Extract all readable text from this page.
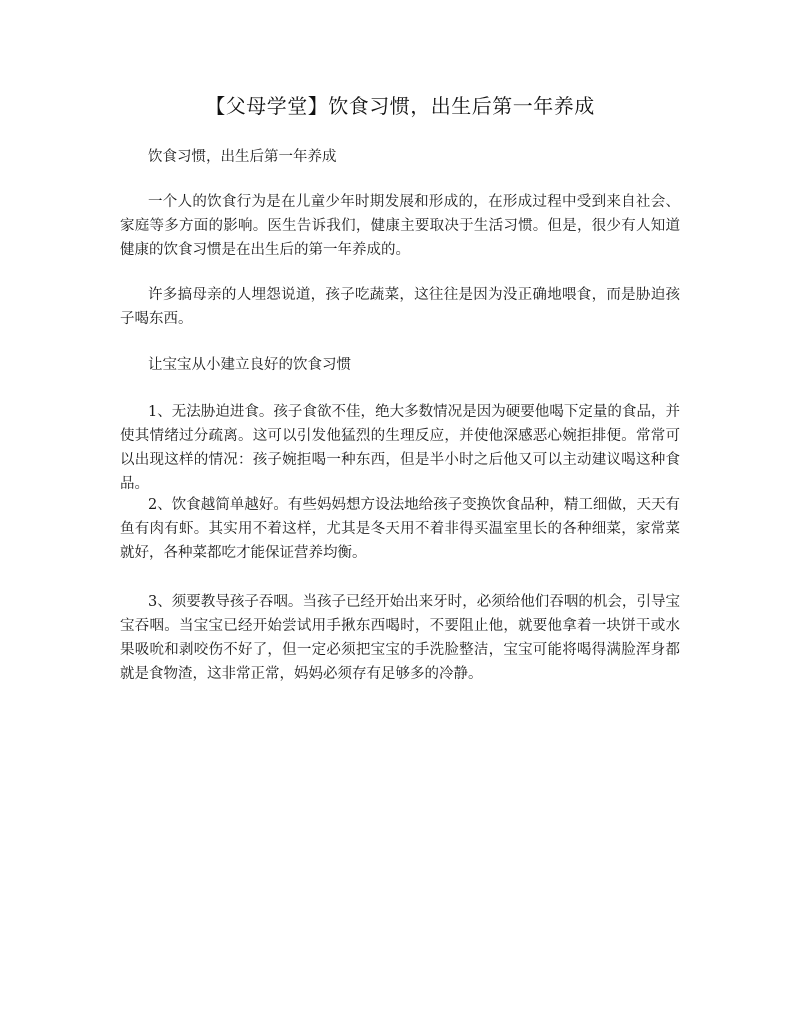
【父母学堂】饮食习惯，出生后第一年养成
饮食习惯，出生后第一年养成
一个人的饮食行为是在儿童少年时期发展和形成的，在形成过程中受到来自社会、家庭等多方面的影响。医生告诉我们，健康主要取决于生活习惯。但是，很少有人知道健康的饮食习惯是在出生后的第一年养成的。
许多搞母亲的人埋怨说道，孩子吃蔬菜，这往往是因为没正确地喂食，而是胁迫孩子喝东西。
让宝宝从小建立良好的饮食习惯
1、无法胁迫进食。孩子食欲不佳，绝大多数情况是因为硬要他喝下定量的食品，并使其情绪过分疏离。这可以引发他猛烈的生理反应，并使他深感恶心婉拒排便。常常可以出现这样的情况：孩子婉拒喝一种东西，但是半小时之后他又可以主动建议喝这种食品。
2、饮食越简单越好。有些妈妈想方设法地给孩子变换饮食品种，精工细做，天天有鱼有肉有虾。其实用不着这样，尤其是冬天用不着非得买温室里长的各种细菜，家常菜就好，各种菜都吃才能保证营养均衡。
3、须要教导孩子吞咽。当孩子已经开始出来牙时，必须给他们吞咽的机会，引导宝宝吞咽。当宝宝已经开始尝试用手揪东西喝时，不要阻止他，就要他拿着一块饼干或水果吸吮和剥咬伤不好了，但一定必须把宝宝的手洗脸整洁，宝宝可能将喝得满脸浑身都就是食物渣，这非常正常，妈妈必须存有足够多的冷静。
